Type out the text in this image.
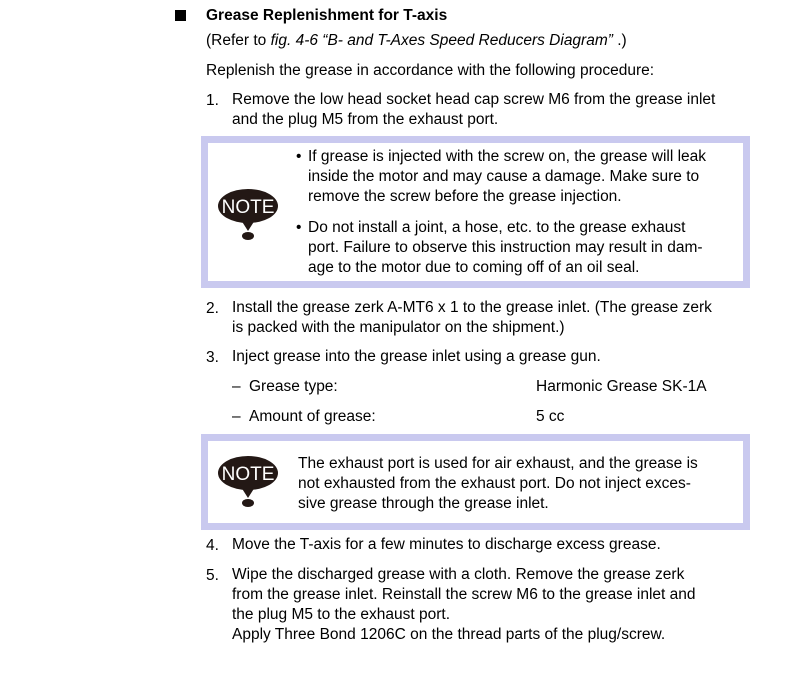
Grease Replenishment for T-axis
(Refer to fig. 4-6 “B- and T-Axes Speed Reducers Diagram” .)
Replenish the grease in accordance with the following procedure:
1. Remove the low head socket head cap screw M6 from the grease inlet
and the plug M5 from the exhaust port.
NOTE
• If grease is injected with the screw on, the grease will leak
inside the motor and may cause a damage. Make sure to
remove the screw before the grease injection.
• Do not install a joint, a hose, etc. to the grease exhaust
port. Failure to observe this instruction may result in dam-
age to the motor due to coming off of an oil seal.
2. Install the grease zerk A-MT6 x 1 to the grease inlet. (The grease zerk
is packed with the manipulator on the shipment.)
3. Inject grease into the grease inlet using a grease gun.
– Grease type:	Harmonic Grease SK-1A
– Amount of grease:	5 cc
NOTE
The exhaust port is used for air exhaust, and the grease is
not exhausted from the exhaust port. Do not inject exces-
sive grease through the grease inlet.
4. Move the T-axis for a few minutes to discharge excess grease.
5. Wipe the discharged grease with a cloth. Remove the grease zerk
from the grease inlet. Reinstall the screw M6 to the grease inlet and
the plug M5 to the exhaust port.
Apply Three Bond 1206C on the thread parts of the plug/screw.
